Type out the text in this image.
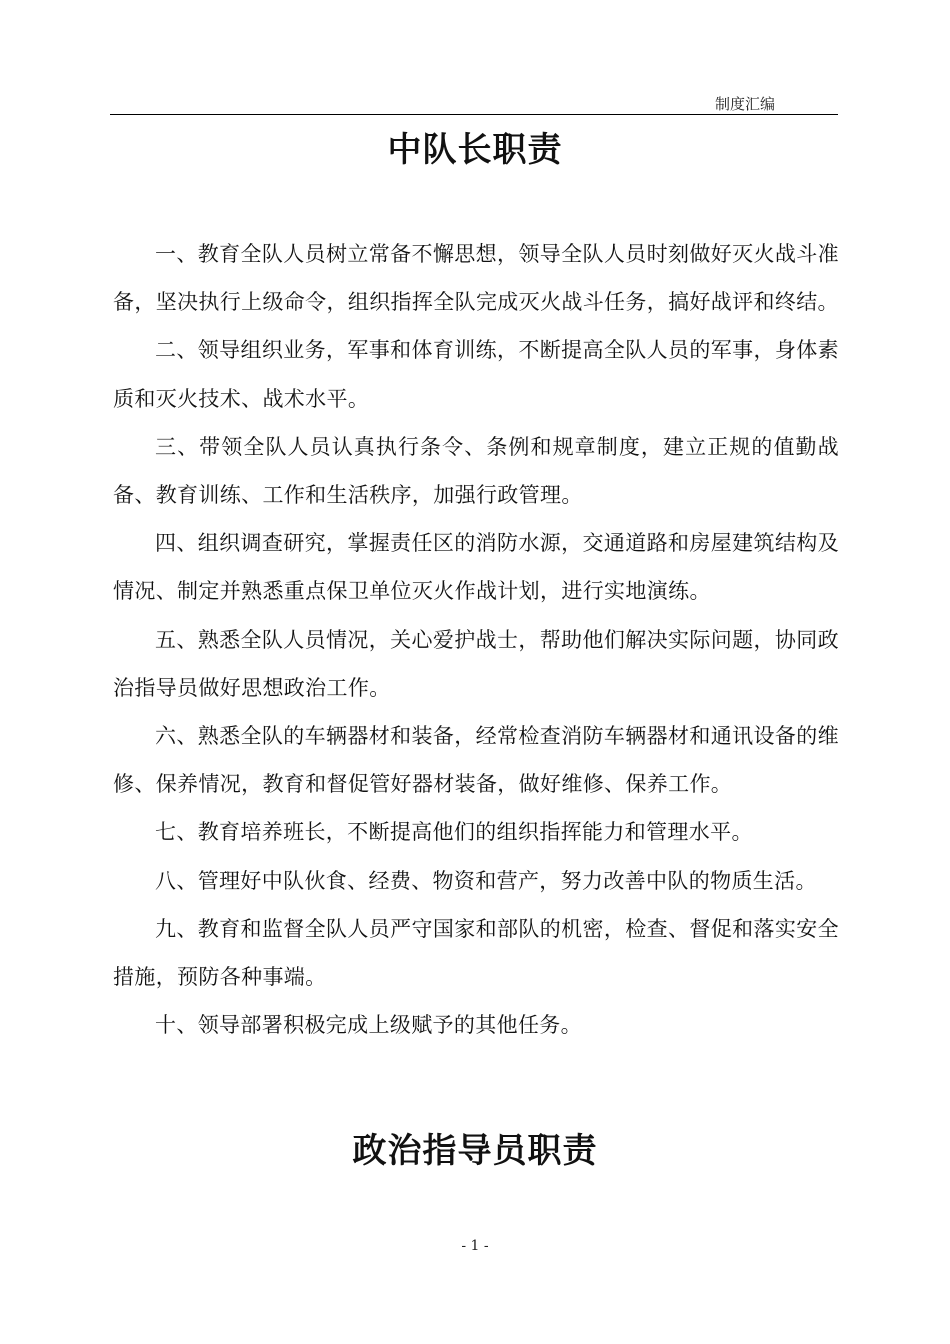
制度汇编
中队长职责

一、教育全队人员树立常备不懈思想，领导全队人员时刻做好灭火战斗准备，坚决执行上级命令，组织指挥全队完成灭火战斗任务，搞好战评和终结。

二、领导组织业务，军事和体育训练，不断提高全队人员的军事，身体素质和灭火技术、战术水平。

三、带领全队人员认真执行条令、条例和规章制度，建立正规的值勤战备、教育训练、工作和生活秩序，加强行政管理。

四、组织调查研究，掌握责任区的消防水源，交通道路和房屋建筑结构及情况、制定并熟悉重点保卫单位灭火作战计划，进行实地演练。

五、熟悉全队人员情况，关心爱护战士，帮助他们解决实际问题，协同政治指导员做好思想政治工作。

六、熟悉全队的车辆器材和装备，经常检查消防车辆器材和通讯设备的维修、保养情况，教育和督促管好器材装备，做好维修、保养工作。

七、教育培养班长，不断提高他们的组织指挥能力和管理水平。

八、管理好中队伙食、经费、物资和营产，努力改善中队的物质生活。

九、教育和监督全队人员严守国家和部队的机密，检查、督促和落实安全措施，预防各种事端。

十、领导部署积极完成上级赋予的其他任务。

政治指导员职责
- 1 -
